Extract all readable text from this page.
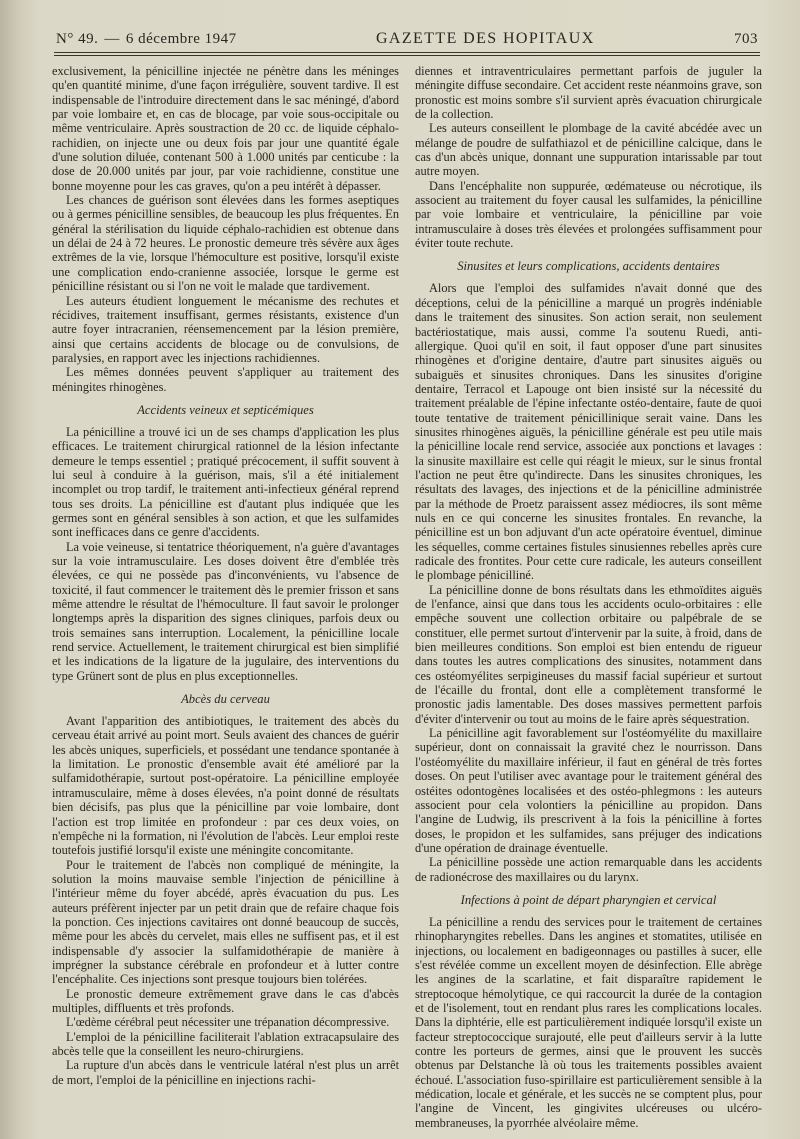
N° 49. — 6 décembre 1947	GAZETTE DES HOPITAUX	703

exclusivement, la pénicilline injectée ne pénètre dans les méninges qu'en quantité minime, d'une façon irrégulière, souvent tardive. Il est indispensable de l'introduire directement dans le sac méningé, d'abord par voie lombaire et, en cas de blocage, par voie sous-occipitale ou même ventriculaire. Après soustraction de 20 cc. de liquide céphalo-rachidien, on injecte une ou deux fois par jour une quantité égale d'une solution diluée, contenant 500 à 1.000 unités par centicube : la dose de 20.000 unités par jour, par voie rachidienne, constitue une bonne moyenne pour les cas graves, qu'on a peu intérêt à dépasser.

Les chances de guérison sont élevées dans les formes aseptiques ou à germes pénicilline sensibles, de beaucoup les plus fréquentes. En général la stérilisation du liquide céphalo-rachidien est obtenue dans un délai de 24 à 72 heures. Le pronostic demeure très sévère aux âges extrêmes de la vie, lorsque l'hémoculture est positive, lorsqu'il existe une complication endo-cranienne associée, lorsque le germe est pénicilline résistant ou si l'on ne voit le malade que tardivement.

Les auteurs étudient longuement le mécanisme des rechutes et récidives, traitement insuffisant, germes résistants, existence d'un autre foyer intracranien, réensemencement par la lésion première, ainsi que certains accidents de blocage ou de convulsions, de paralysies, en rapport avec les injections rachidiennes.

Les mêmes données peuvent s'appliquer au traitement des méningites rhinogènes.

Accidents veineux et septicémiques

La pénicilline a trouvé ici un de ses champs d'application les plus efficaces. Le traitement chirurgical rationnel de la lésion infectante demeure le temps essentiel ; pratiqué précocement, il suffit souvent à lui seul à conduire à la guérison, mais, s'il a été initialement incomplet ou trop tardif, le traitement anti-infectieux général reprend tous ses droits. La pénicilline est d'autant plus indiquée que les germes sont en général sensibles à son action, et que les sulfamides sont inefficaces dans ce genre d'accidents.

La voie veineuse, si tentatrice théoriquement, n'a guère d'avantages sur la voie intramusculaire. Les doses doivent être d'emblée très élevées, ce qui ne possède pas d'inconvénients, vu l'absence de toxicité, il faut commencer le traitement dès le premier frisson et sans même attendre le résultat de l'hémoculture. Il faut savoir le prolonger longtemps après la disparition des signes cliniques, parfois deux ou trois semaines sans interruption. Localement, la pénicilline locale rend service. Actuellement, le traitement chirurgical est bien simplifié et les indications de la ligature de la jugulaire, des interventions du type Grünert sont de plus en plus exceptionnelles.

Abcès du cerveau

Avant l'apparition des antibiotiques, le traitement des abcès du cerveau était arrivé au point mort. Seuls avaient des chances de guérir les abcès uniques, superficiels, et possédant une tendance spontanée à la limitation. Le pronostic d'ensemble avait été amélioré par la sulfamidothérapie, surtout post-opératoire. La pénicilline employée intramusculaire, même à doses élevées, n'a point donné de résultats bien décisifs, pas plus que la pénicilline par voie lombaire, dont l'action est trop limitée en profondeur : par ces deux voies, on n'empêche ni la formation, ni l'évolution de l'abcès. Leur emploi reste toutefois justifié lorsqu'il existe une méningite concomitante.

Pour le traitement de l'abcès non compliqué de méningite, la solution la moins mauvaise semble l'injection de pénicilline à l'intérieur même du foyer abcédé, après évacuation du pus. Les auteurs préfèrent injecter par un petit drain que de refaire chaque fois la ponction. Ces injections cavitaires ont donné beaucoup de succès, même pour les abcès du cervelet, mais elles ne suffisent pas, et il est indispensable d'y associer la sulfamidothérapie de manière à imprégner la substance cérébrale en profondeur et à lutter contre l'encéphalite. Ces injections sont presque toujours bien tolérées.

Le pronostic demeure extrêmement grave dans le cas d'abcès multiples, diffluents et très profonds.

L'œdème cérébral peut nécessiter une trépanation décompressive.

L'emploi de la pénicilline faciliterait l'ablation extracapsulaire des abcès telle que la conseillent les neuro-chirurgiens.

La rupture d'un abcès dans le ventricule latéral n'est plus un arrêt de mort, l'emploi de la pénicilline en injections rachi-

diennes et intraventriculaires permettant parfois de juguler la méningite diffuse secondaire. Cet accident reste néanmoins grave, son pronostic est moins sombre s'il survient après évacuation chirurgicale de la collection.

Les auteurs conseillent le plombage de la cavité abcédée avec un mélange de poudre de sulfathiazol et de pénicilline calcique, dans le cas d'un abcès unique, donnant une suppuration intarissable par tout autre moyen.

Dans l'encéphalite non suppurée, œdémateuse ou nécrotique, ils associent au traitement du foyer causal les sulfamides, la pénicilline par voie lombaire et ventriculaire, la pénicilline par voie intramusculaire à doses très élevées et prolongées suffisamment pour éviter toute rechute.

Sinusites et leurs complications, accidents dentaires

Alors que l'emploi des sulfamides n'avait donné que des déceptions, celui de la pénicilline a marqué un progrès indéniable dans le traitement des sinusites. Son action serait, non seulement bactériostatique, mais aussi, comme l'a soutenu Ruedi, anti-allergique. Quoi qu'il en soit, il faut opposer d'une part sinusites rhinogènes et d'origine dentaire, d'autre part sinusites aiguës ou subaiguës et sinusites chroniques. Dans les sinusites d'origine dentaire, Terracol et Lapouge ont bien insisté sur la nécessité du traitement préalable de l'épine infectante ostéo-dentaire, faute de quoi toute tentative de traitement pénicillinique serait vaine. Dans les sinusites rhinogènes aiguës, la pénicilline générale est peu utile mais la pénicilline locale rend service, associée aux ponctions et lavages : la sinusite maxillaire est celle qui réagit le mieux, sur le sinus frontal l'action ne peut être qu'indirecte. Dans les sinusites chroniques, les résultats des lavages, des injections et de la pénicilline administrée par la méthode de Proetz paraissent assez médiocres, ils sont même nuls en ce qui concerne les sinusites frontales. En revanche, la pénicilline est un bon adjuvant d'un acte opératoire éventuel, diminue les séquelles, comme certaines fistules sinusiennes rebelles après cure radicale des frontites. Pour cette cure radicale, les auteurs conseillent le plombage pénicilliné.

La pénicilline donne de bons résultats dans les ethmoïdites aiguës de l'enfance, ainsi que dans tous les accidents oculo-orbitaires : elle empêche souvent une collection orbitaire ou palpébrale de se constituer, elle permet surtout d'intervenir par la suite, à froid, dans de bien meilleures conditions. Son emploi est bien entendu de rigueur dans toutes les autres complications des sinusites, notamment dans ces ostéomyélites serpigineuses du massif facial supérieur et surtout de l'écaille du frontal, dont elle a complètement transformé le pronostic jadis lamentable. Des doses massives permettent parfois d'éviter d'intervenir ou tout au moins de le faire après séquestration.

La pénicilline agit favorablement sur l'ostéomyélite du maxillaire supérieur, dont on connaissait la gravité chez le nourrisson. Dans l'ostéomyélite du maxillaire inférieur, il faut en général de très fortes doses. On peut l'utiliser avec avantage pour le traitement général des ostéites odontogènes localisées et des ostéo-phlegmons : les auteurs associent pour cela volontiers la pénicilline au propidon. Dans l'angine de Ludwig, ils prescrivent à la fois la pénicilline à fortes doses, le propidon et les sulfamides, sans préjuger des indications d'une opération de drainage éventuelle.

La pénicilline possède une action remarquable dans les accidents de radionécrose des maxillaires ou du larynx.

Infections à point de départ pharyngien et cervical

La pénicilline a rendu des services pour le traitement de certaines rhinopharyngites rebelles. Dans les angines et stomatites, utilisée en injections, ou localement en badigeonnages ou pastilles à sucer, elle s'est révélée comme un excellent moyen de désinfection. Elle abrège les angines de la scarlatine, et fait disparaître rapidement le streptocoque hémolytique, ce qui raccourcit la durée de la contagion et de l'isolement, tout en rendant plus rares les complications locales. Dans la diphtérie, elle est particulièrement indiquée lorsqu'il existe un facteur streptococcique surajouté, elle peut d'ailleurs servir à la lutte contre les porteurs de germes, ainsi que le prouvent les succès obtenus par Delstanche là où tous les traitements possibles avaient échoué. L'association fuso-spirillaire est particulièrement sensible à la médication, locale et générale, et les succès ne se comptent plus, pour l'angine de Vincent, les gingivites ulcéreuses ou ulcéro-membraneuses, la pyorrhée alvéolaire même.
